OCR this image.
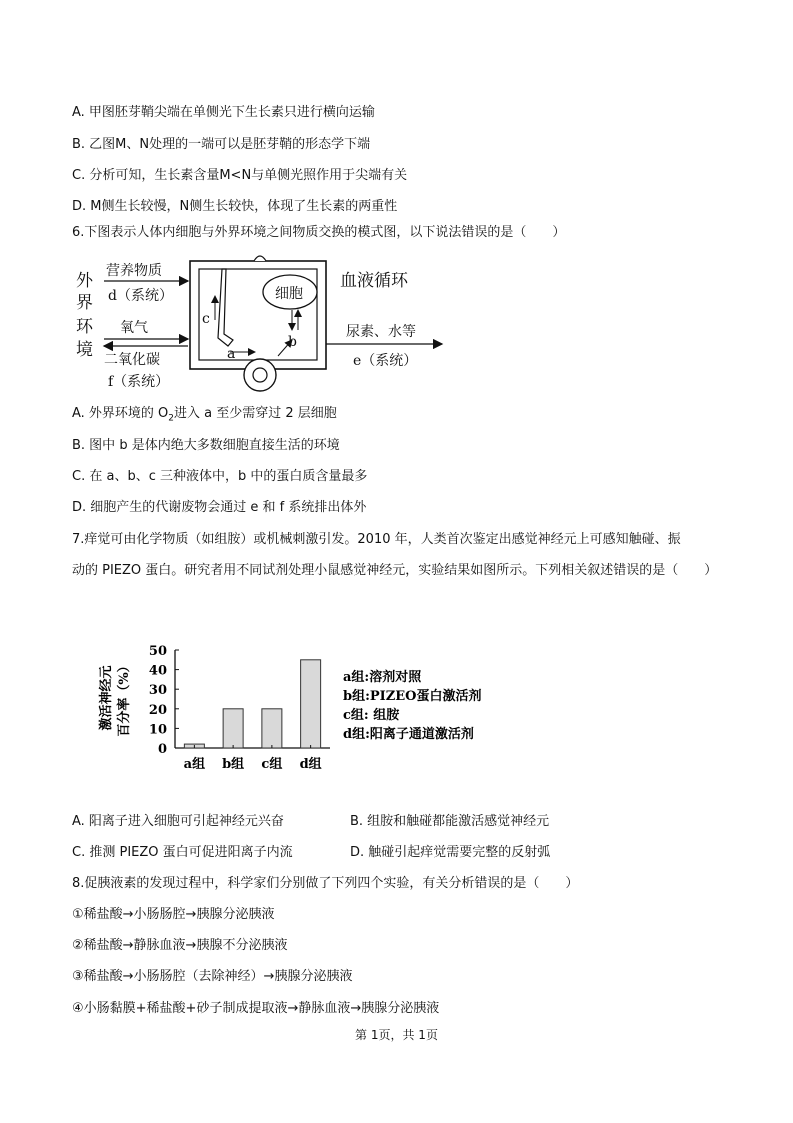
A. 甲图胚芽鞘尖端在单侧光下生长素只进行横向运输
B. 乙图M、N处理的一端可以是胚芽鞘的形态学下端
C. 分析可知，生长素含量M<N与单侧光照作用于尖端有关
D. M侧生长较慢，N侧生长较快，体现了生长素的两重性
6.下图表示人体内细胞与外界环境之间物质交换的模式图，以下说法错误的是（　　）
外
界
环
境
营养物质
d（系统）
氧气
二氧化碳
f（系统）
c
细胞
b
a
血液循环
尿素、水等
e（系统）
A. 外界环境的 $O_2$进入 a 至少需穿过 2 层细胞
B. 图中 b 是体内绝大多数细胞直接生活的环境
C. 在 a、b、c 三种液体中，b 中的蛋白质含量最多
D. 细胞产生的代谢废物会通过 e 和 f 系统排出体外
7.痒觉可由化学物质（如组胺）或机械刺激引发。2010 年，人类首次鉴定出感觉神经元上可感知触碰、振
动的 PIEZO 蛋白。研究者用不同试剂处理小鼠感觉神经元，实验结果如图所示。下列相关叙述错误的是（　　）
0
10
20
30
40
50
激活神经元 百分率（%）
a组 b组 c组 d组
a组:溶剂对照
b组:PIZEO蛋白激活剂
c组: 组胺
d组:阳离子通道激活剂
A. 阳离子进入细胞可引起神经元兴奋	B. 组胺和触碰都能激活感觉神经元
C. 推测 PIEZO 蛋白可促进阳离子内流	D. 触碰引起痒觉需要完整的反射弧
8.促胰液素的发现过程中，科学家们分别做了下列四个实验，有关分析错误的是（　　）
①稀盐酸→小肠肠腔→胰腺分泌胰液
②稀盐酸→静脉血液→胰腺不分泌胰液
③稀盐酸→小肠肠腔（去除神经）→胰腺分泌胰液
④小肠黏膜+稀盐酸+砂子制成提取液→静脉血液→胰腺分泌胰液
第 1页，共 1页
